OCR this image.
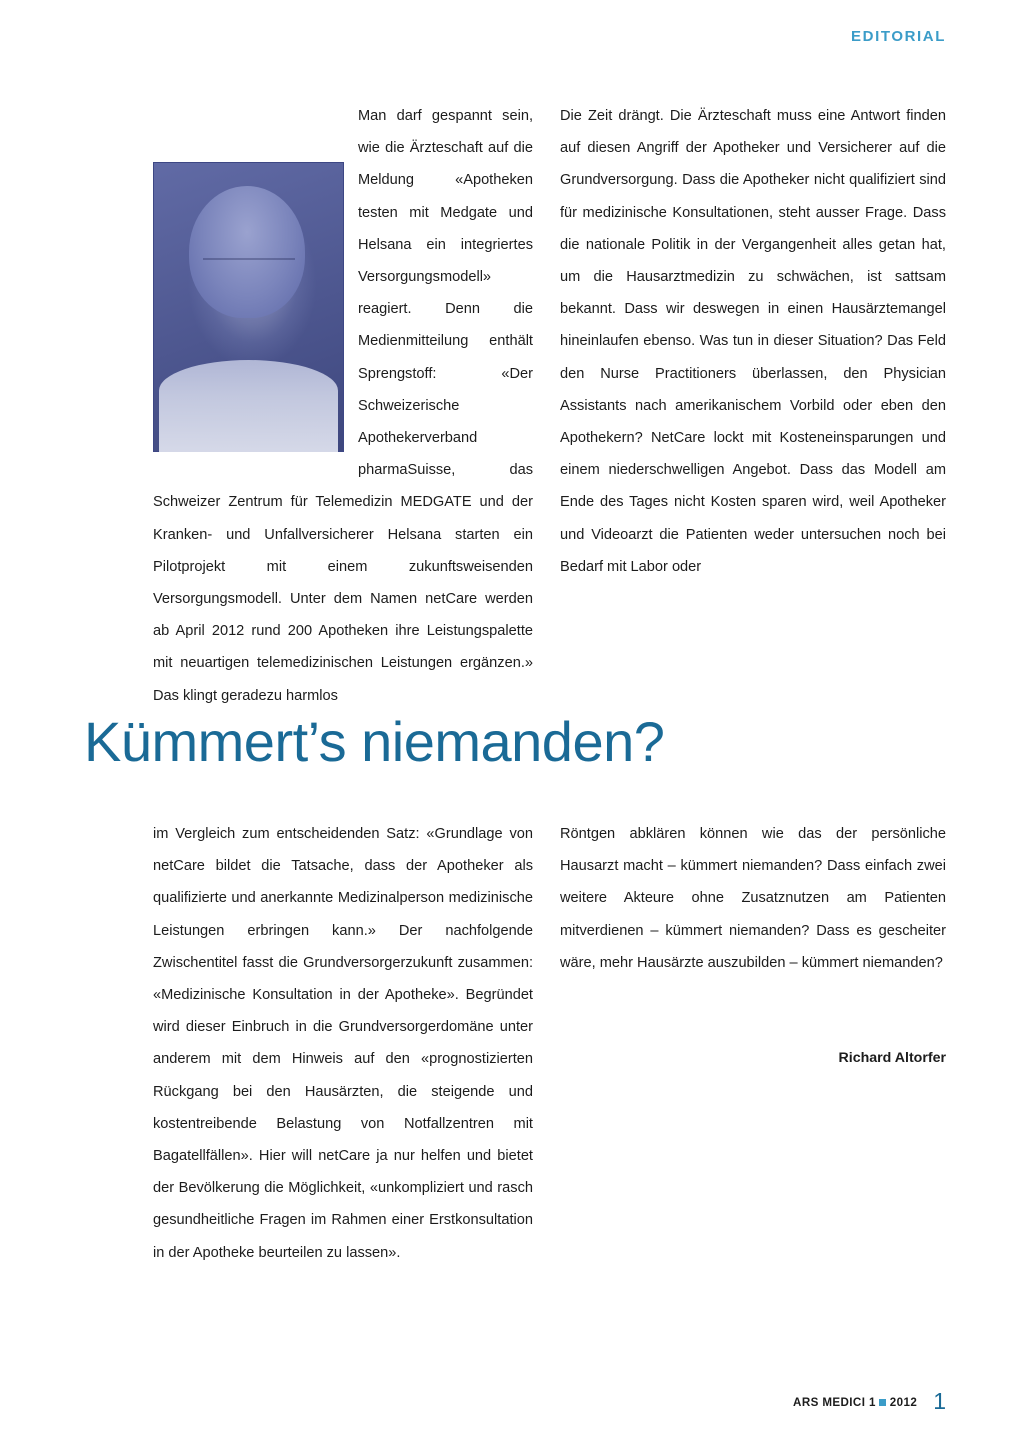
EDITORIAL

Man darf gespannt sein, wie die Ärzteschaft auf die Meldung «Apotheken testen mit Medgate und Helsana ein integriertes Versorgungsmodell» reagiert. Denn die Medienmitteilung enthält Sprengstoff: «Der Schweizerische Apothekerverband pharmaSuisse, das Schweizer Zentrum für Telemedizin MEDGATE und der Kranken- und Unfallversicherer Helsana starten ein Pilotprojekt mit einem zukunftsweisenden Versorgungsmodell. Unter dem Namen netCare werden ab April 2012 rund 200 Apotheken ihre Leistungspalette mit neuartigen telemedizinischen Leistungen ergänzen.» Das klingt geradezu harmlos

Die Zeit drängt. Die Ärzteschaft muss eine Antwort finden auf diesen Angriff der Apotheker und Versicherer auf die Grundversorgung. Dass die Apotheker nicht qualifiziert sind für medizinische Konsultationen, steht ausser Frage. Dass die nationale Politik in der Vergangenheit alles getan hat, um die Hausarztmedizin zu schwächen, ist sattsam bekannt. Dass wir deswegen in einen Hausärztemangel hineinlaufen ebenso. Was tun in dieser Situation? Das Feld den Nurse Practitioners überlassen, den Physician Assistants nach amerikanischem Vorbild oder eben den Apothekern? NetCare lockt mit Kosteneinsparungen und einem niederschwelligen Angebot. Dass das Modell am Ende des Tages nicht Kosten sparen wird, weil Apotheker und Videoarzt die Patienten weder untersuchen noch bei Bedarf mit Labor oder

Kümmert’s niemanden?

im Vergleich zum entscheidenden Satz: «Grundlage von netCare bildet die Tatsache, dass der Apotheker als qualifizierte und anerkannte Medizinalperson medizinische Leistungen erbringen kann.» Der nachfolgende Zwischentitel fasst die Grundversorgerzukunft zusammen: «Medizinische Konsultation in der Apotheke». Begründet wird dieser Einbruch in die Grundversorgerdomäne unter anderem mit dem Hinweis auf den «prognostizierten Rückgang bei den Hausärzten, die steigende und kostentreibende Belastung von Notfallzentren mit Bagatellfällen». Hier will netCare ja nur helfen und bietet der Bevölkerung die Möglichkeit, «unkompliziert und rasch gesundheitliche Fragen im Rahmen einer Erstkonsultation in der Apotheke beurteilen zu lassen».

Röntgen abklären können wie das der persönliche Hausarzt macht – kümmert niemanden? Dass einfach zwei weitere Akteure ohne Zusatznutzen am Patienten mitverdienen – kümmert niemanden? Dass es gescheiter wäre, mehr Hausärzte auszubilden – kümmert niemanden?

Richard Altorfer
ARS MEDICI 1 2012 1
